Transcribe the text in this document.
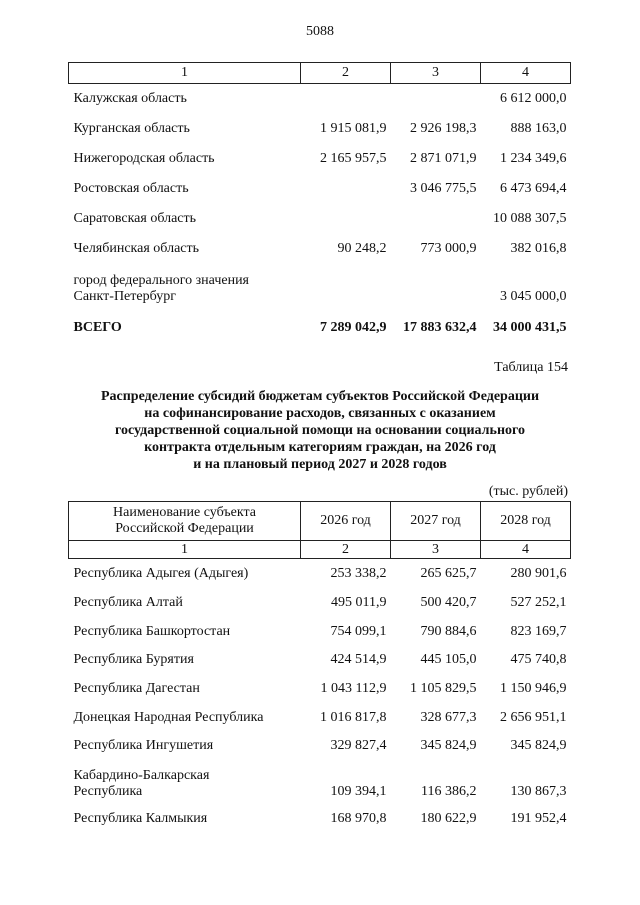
5088
1	2	3	4
Калужская область			6 612 000,0
Курганская область	1 915 081,9	2 926 198,3	888 163,0
Нижегородская область	2 165 957,5	2 871 071,9	1 234 349,6
Ростовская область		3 046 775,5	6 473 694,4
Саратовская область			10 088 307,5
Челябинская область	90 248,2	773 000,9	382 016,8

город федерального значения
Санкт-Петербург			3 045 000,0
ВСЕГО	7 289 042,9	17 883 632,4	34 000 431,5
Таблица 154
Распределение субсидий бюджетам субъектов Российской Федерации
на софинансирование расходов, связанных с оказанием
государственной социальной помощи на основании социального
контракта отдельным категориям граждан, на 2026 год
и на плановый период 2027 и 2028 годов
(тыс. рублей)
Наименование субъекта
Российской Федерации	2026 год	2027 год	2028 год
1	2	3	4
Республика Адыгея (Адыгея)	253 338,2	265 625,7	280 901,6
Республика Алтай	495 011,9	500 420,7	527 252,1
Республика Башкортостан	754 099,1	790 884,6	823 169,7
Республика Бурятия	424 514,9	445 105,0	475 740,8
Республика Дагестан	1 043 112,9	1 105 829,5	1 150 946,9
Донецкая Народная Республика	1 016 817,8	328 677,3	2 656 951,1
Республика Ингушетия	329 827,4	345 824,9	345 824,9

Кабардино-Балкарская
Республика	109 394,1	116 386,2	130 867,3
Республика Калмыкия	168 970,8	180 622,9	191 952,4
